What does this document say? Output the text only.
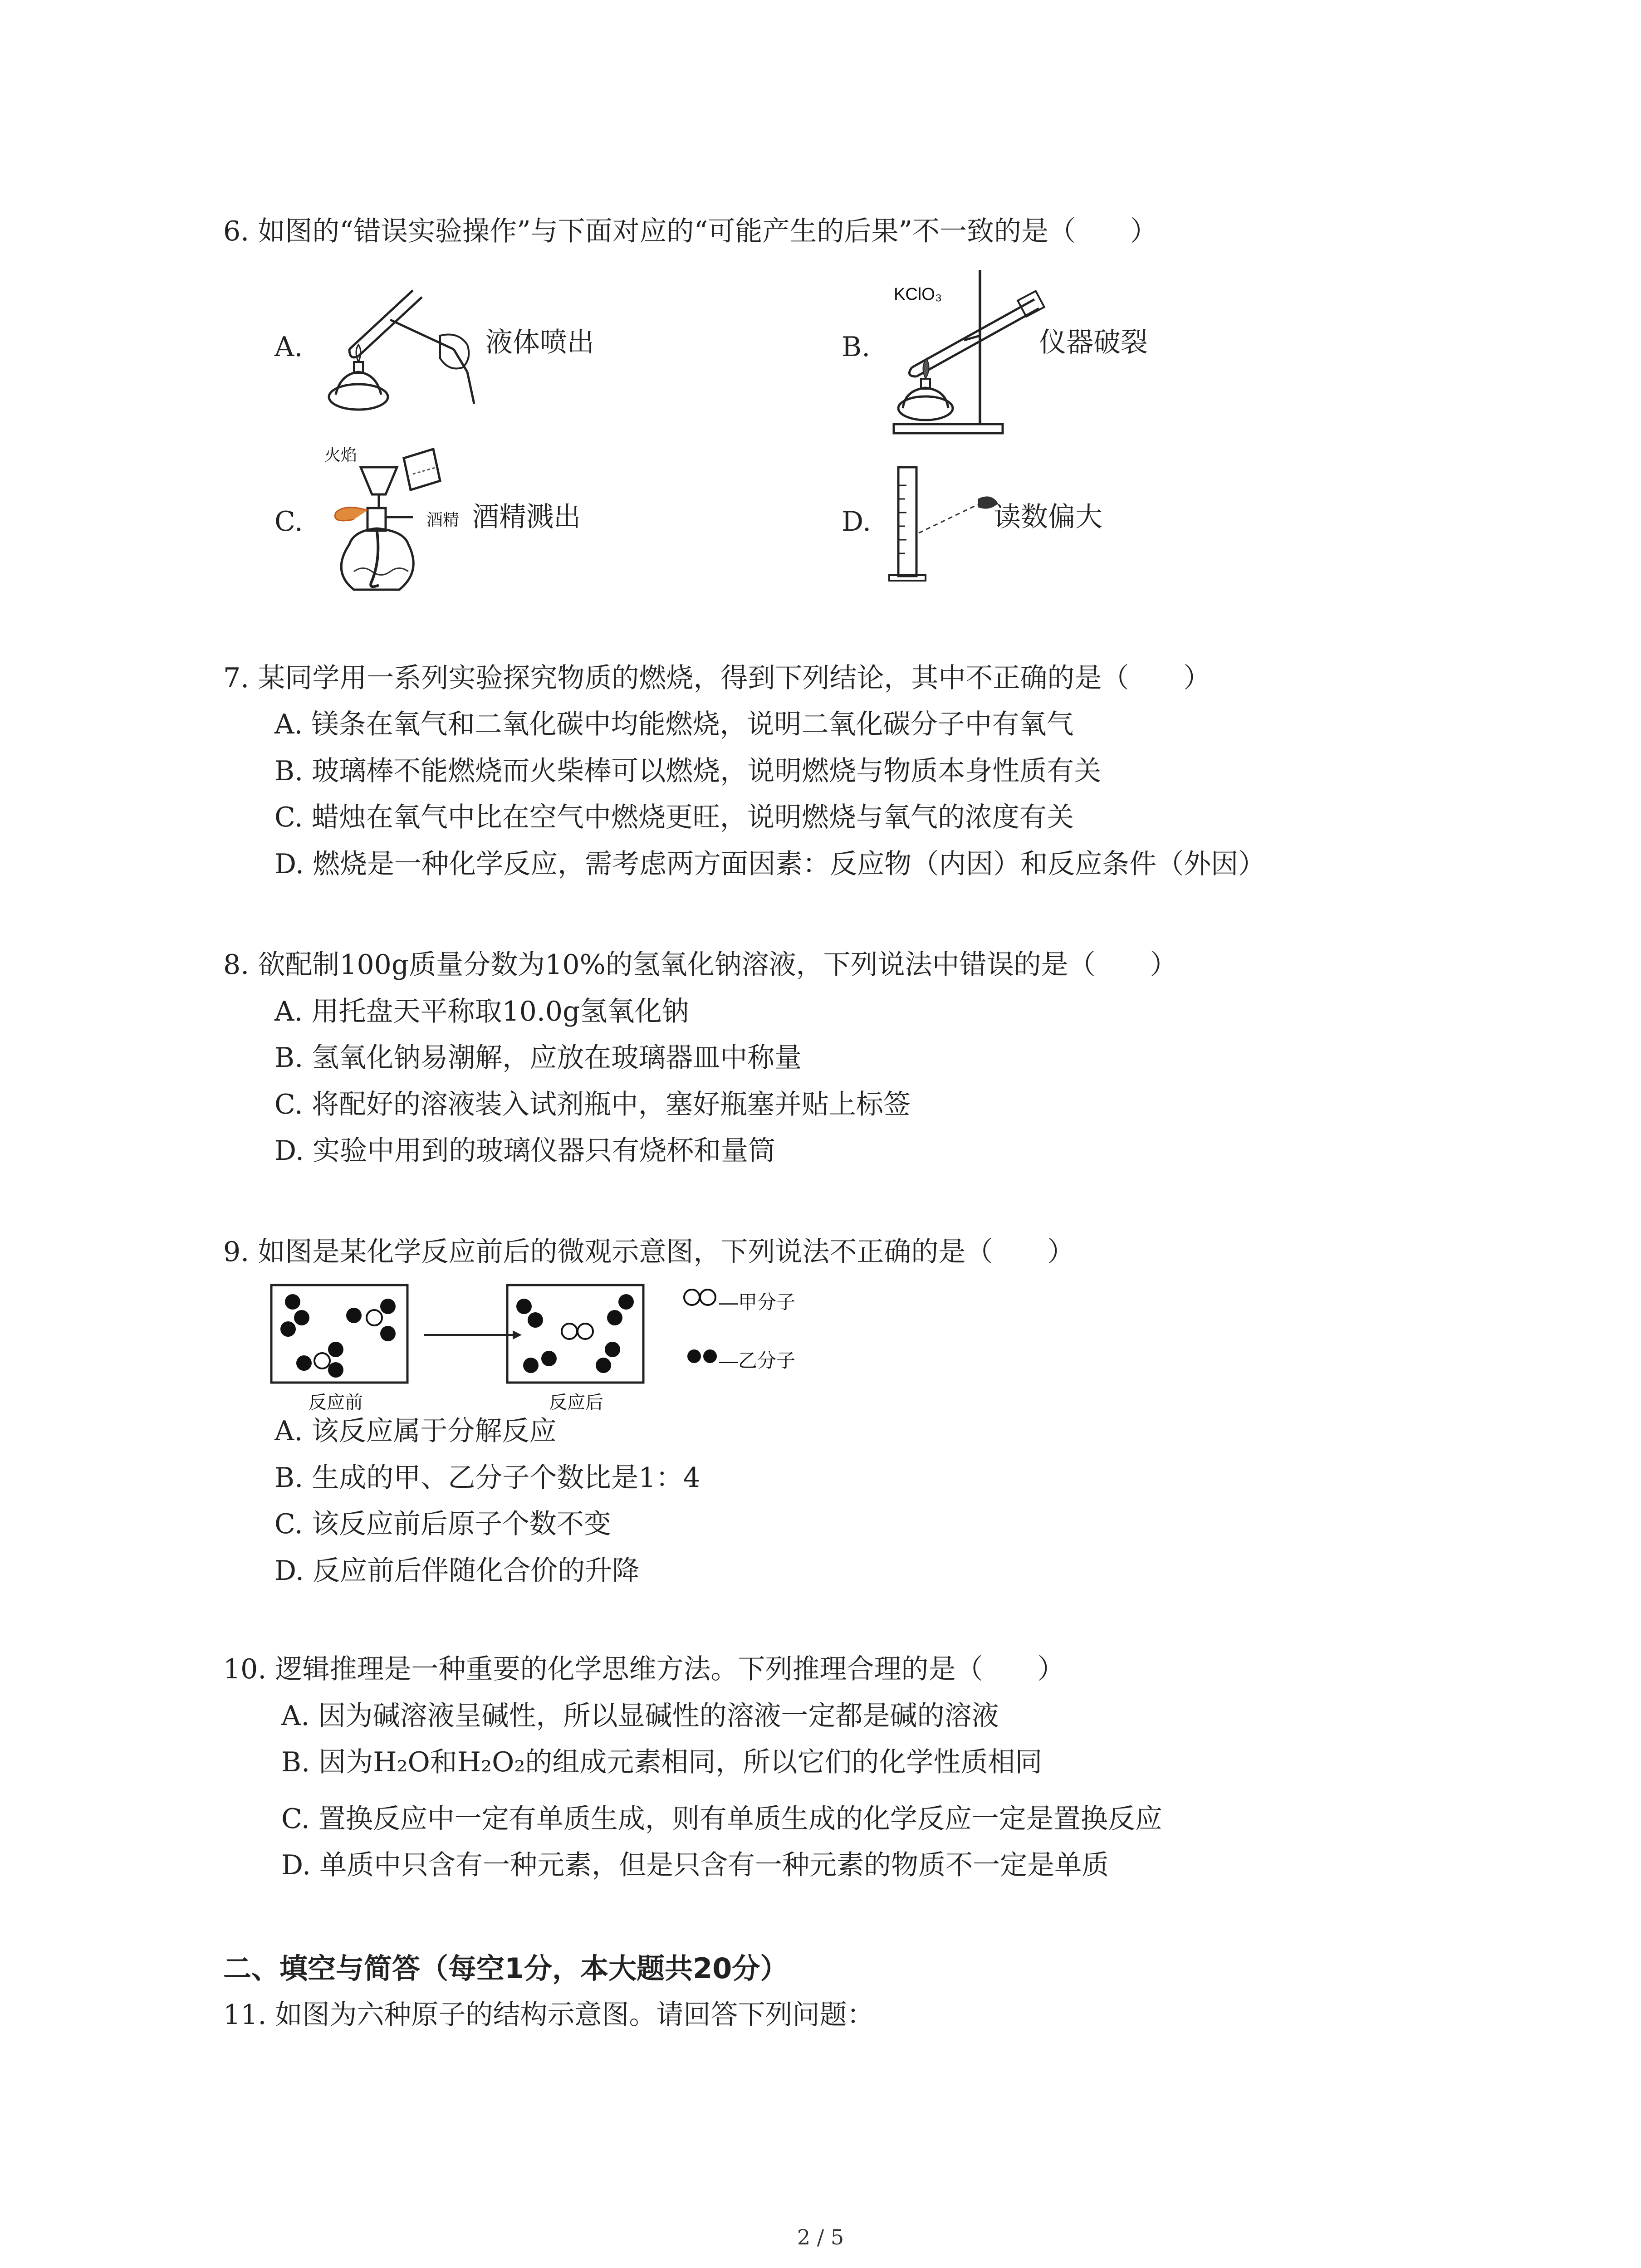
6. 如图的“错误实验操作”与下面对应的“可能产生的后果”不一致的是（　　）
A.	液体喷出	B.
KClO₃
仪器破裂
C.
火焰
酒精 酒精溅出	D.	读数偏大
7. 某同学用一系列实验探究物质的燃烧，得到下列结论，其中不正确的是（　　）
A. 镁条在氧气和二氧化碳中均能燃烧，说明二氧化碳分子中有氧气
B. 玻璃棒不能燃烧而火柴棒可以燃烧，说明燃烧与物质本身性质有关
C. 蜡烛在氧气中比在空气中燃烧更旺，说明燃烧与氧气的浓度有关
D. 燃烧是一种化学反应，需考虑两方面因素：反应物（内因）和反应条件（外因）
8. 欲配制100g质量分数为10%的氢氧化钠溶液，下列说法中错误的是（　　）
A. 用托盘天平称取10.0g氢氧化钠
B. 氢氧化钠易潮解，应放在玻璃器皿中称量
C. 将配好的溶液装入试剂瓶中，塞好瓶塞并贴上标签
D. 实验中用到的玻璃仪器只有烧杯和量筒
9. 如图是某化学反应前后的微观示意图，下列说法不正确的是（　　）
反应前	反应后
—甲分子
—乙分子
A. 该反应属于分解反应
B. 生成的甲、乙分子个数比是1：4
C. 该反应前后原子个数不变
D. 反应前后伴随化合价的升降
10. 逻辑推理是一种重要的化学思维方法。下列推理合理的是（　　）
A. 因为碱溶液呈碱性，所以显碱性的溶液一定都是碱的溶液
B. 因为H₂O和H₂O₂的组成元素相同，所以它们的化学性质相同
C. 置换反应中一定有单质生成，则有单质生成的化学反应一定是置换反应
D. 单质中只含有一种元素，但是只含有一种元素的物质不一定是单质
二、填空与简答（每空1分，本大题共20分）
11. 如图为六种原子的结构示意图。请回答下列问题：
2 / 5
